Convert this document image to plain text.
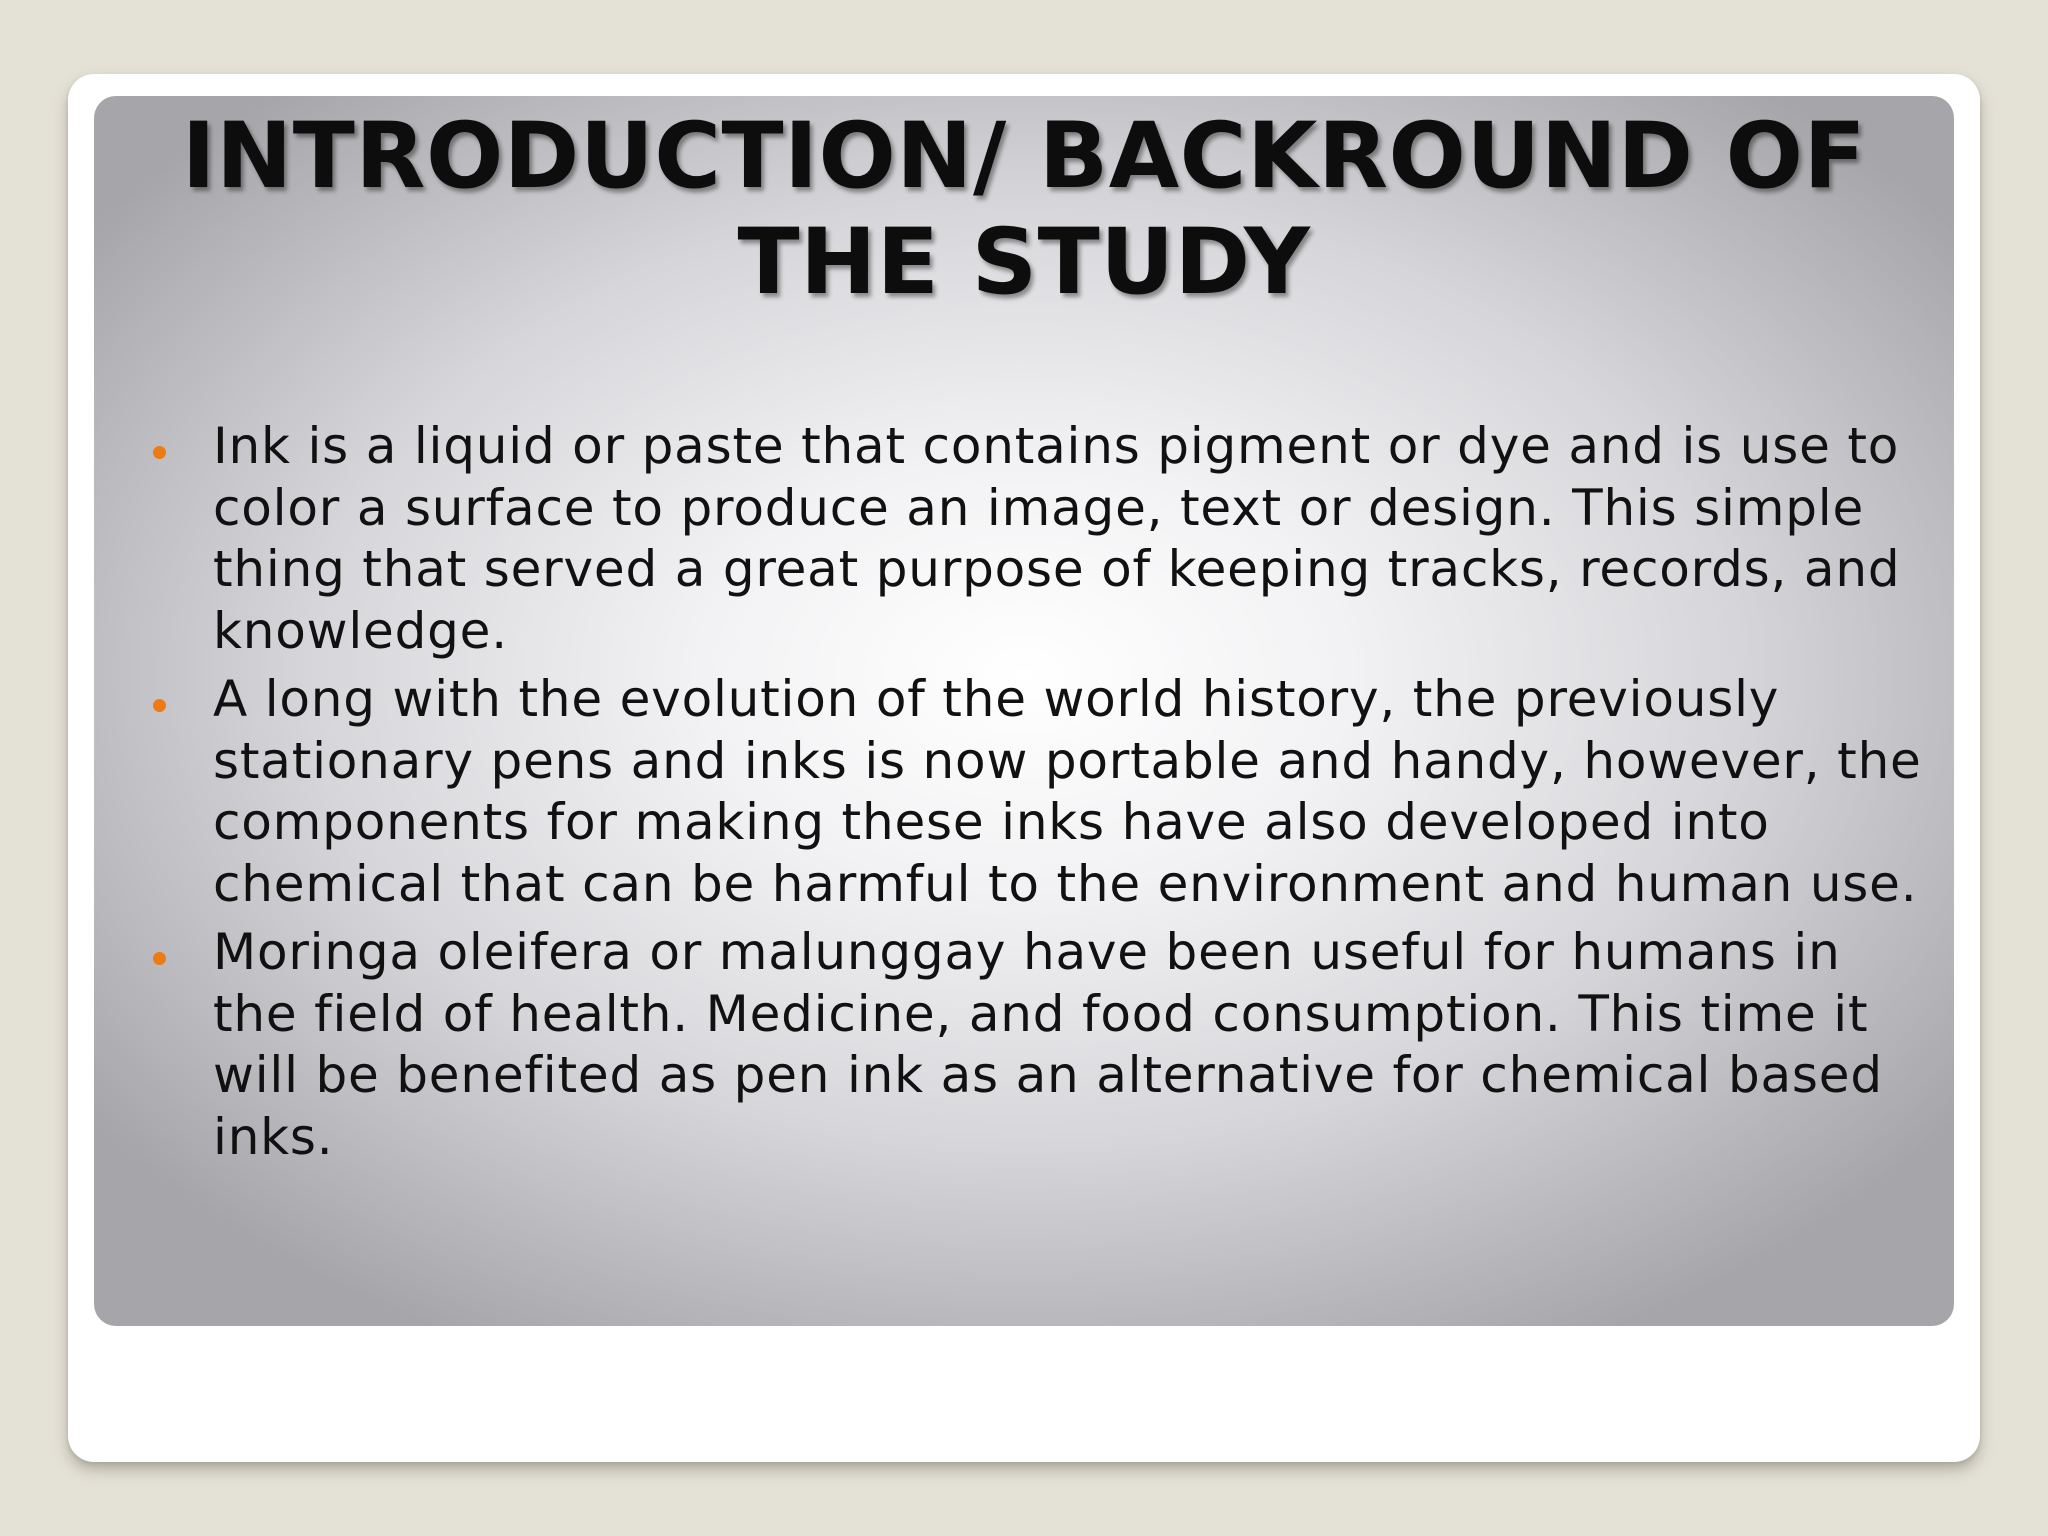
INTRODUCTION/ BACKROUND OF THE STUDY
Ink is a liquid or paste that contains pigment or dye and is use to color a surface to produce an image, text or design. This simple thing that served a great purpose of keeping tracks, records, and knowledge.
A long with the evolution of the world history, the previously stationary pens and inks is now portable and handy, however, the components for making these inks have also developed into chemical that can be harmful to the environment and human use.
Moringa oleifera or malunggay have been useful for humans in the field of health. Medicine, and food consumption. This time it will be benefited as pen ink as an alternative for chemical based inks.
